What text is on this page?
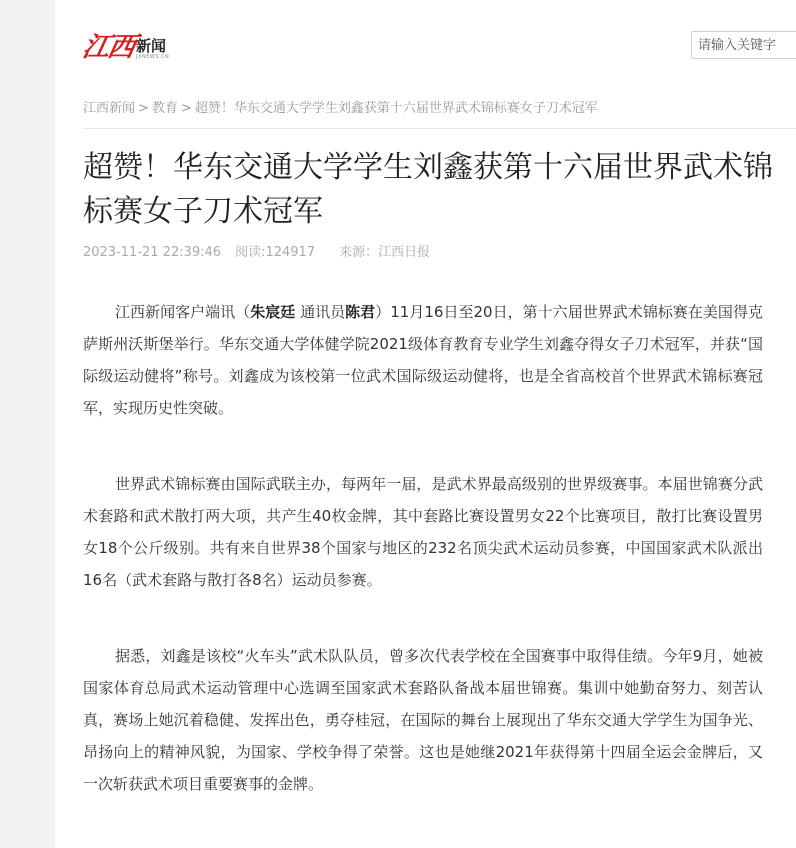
江西 新闻
JXNEWS.CN
请输入关键字
江西新闻 > 教育 > 超赞！华东交通大学学生刘鑫获第十六届世界武术锦标赛女子刀术冠军
超赞！华东交通大学学生刘鑫获第十六届世界武术锦标赛女子刀术冠军
2023-11-21 22:39:46 阅读:124917 来源：江西日报

江西新闻客户端讯（朱宸廷 通讯员陈君）11月16日至20日，第十六届世界武术锦标赛在美国得克萨斯州沃斯堡举行。华东交通大学体健学院2021级体育教育专业学生刘鑫夺得女子刀术冠军，并获“国际级运动健将”称号。刘鑫成为该校第一位武术国际级运动健将，也是全省高校首个世界武术锦标赛冠军，实现历史性突破。

世界武术锦标赛由国际武联主办，每两年一届，是武术界最高级别的世界级赛事。本届世锦赛分武术套路和武术散打两大项，共产生40枚金牌，其中套路比赛设置男女22个比赛项目，散打比赛设置男女18个公斤级别。共有来自世界38个国家与地区的232名顶尖武术运动员参赛，中国国家武术队派出16名（武术套路与散打各8名）运动员参赛。

据悉，刘鑫是该校“火车头”武术队队员，曾多次代表学校在全国赛事中取得佳绩。今年9月，她被国家体育总局武术运动管理中心选调至国家武术套路队备战本届世锦赛。集训中她勤奋努力、刻苦认真，赛场上她沉着稳健、发挥出色，勇夺桂冠，在国际的舞台上展现出了华东交通大学学生为国争光、昂扬向上的精神风貌，为国家、学校争得了荣誉。这也是她继2021年获得第十四届全运会金牌后，又一次斩获武术项目重要赛事的金牌。
